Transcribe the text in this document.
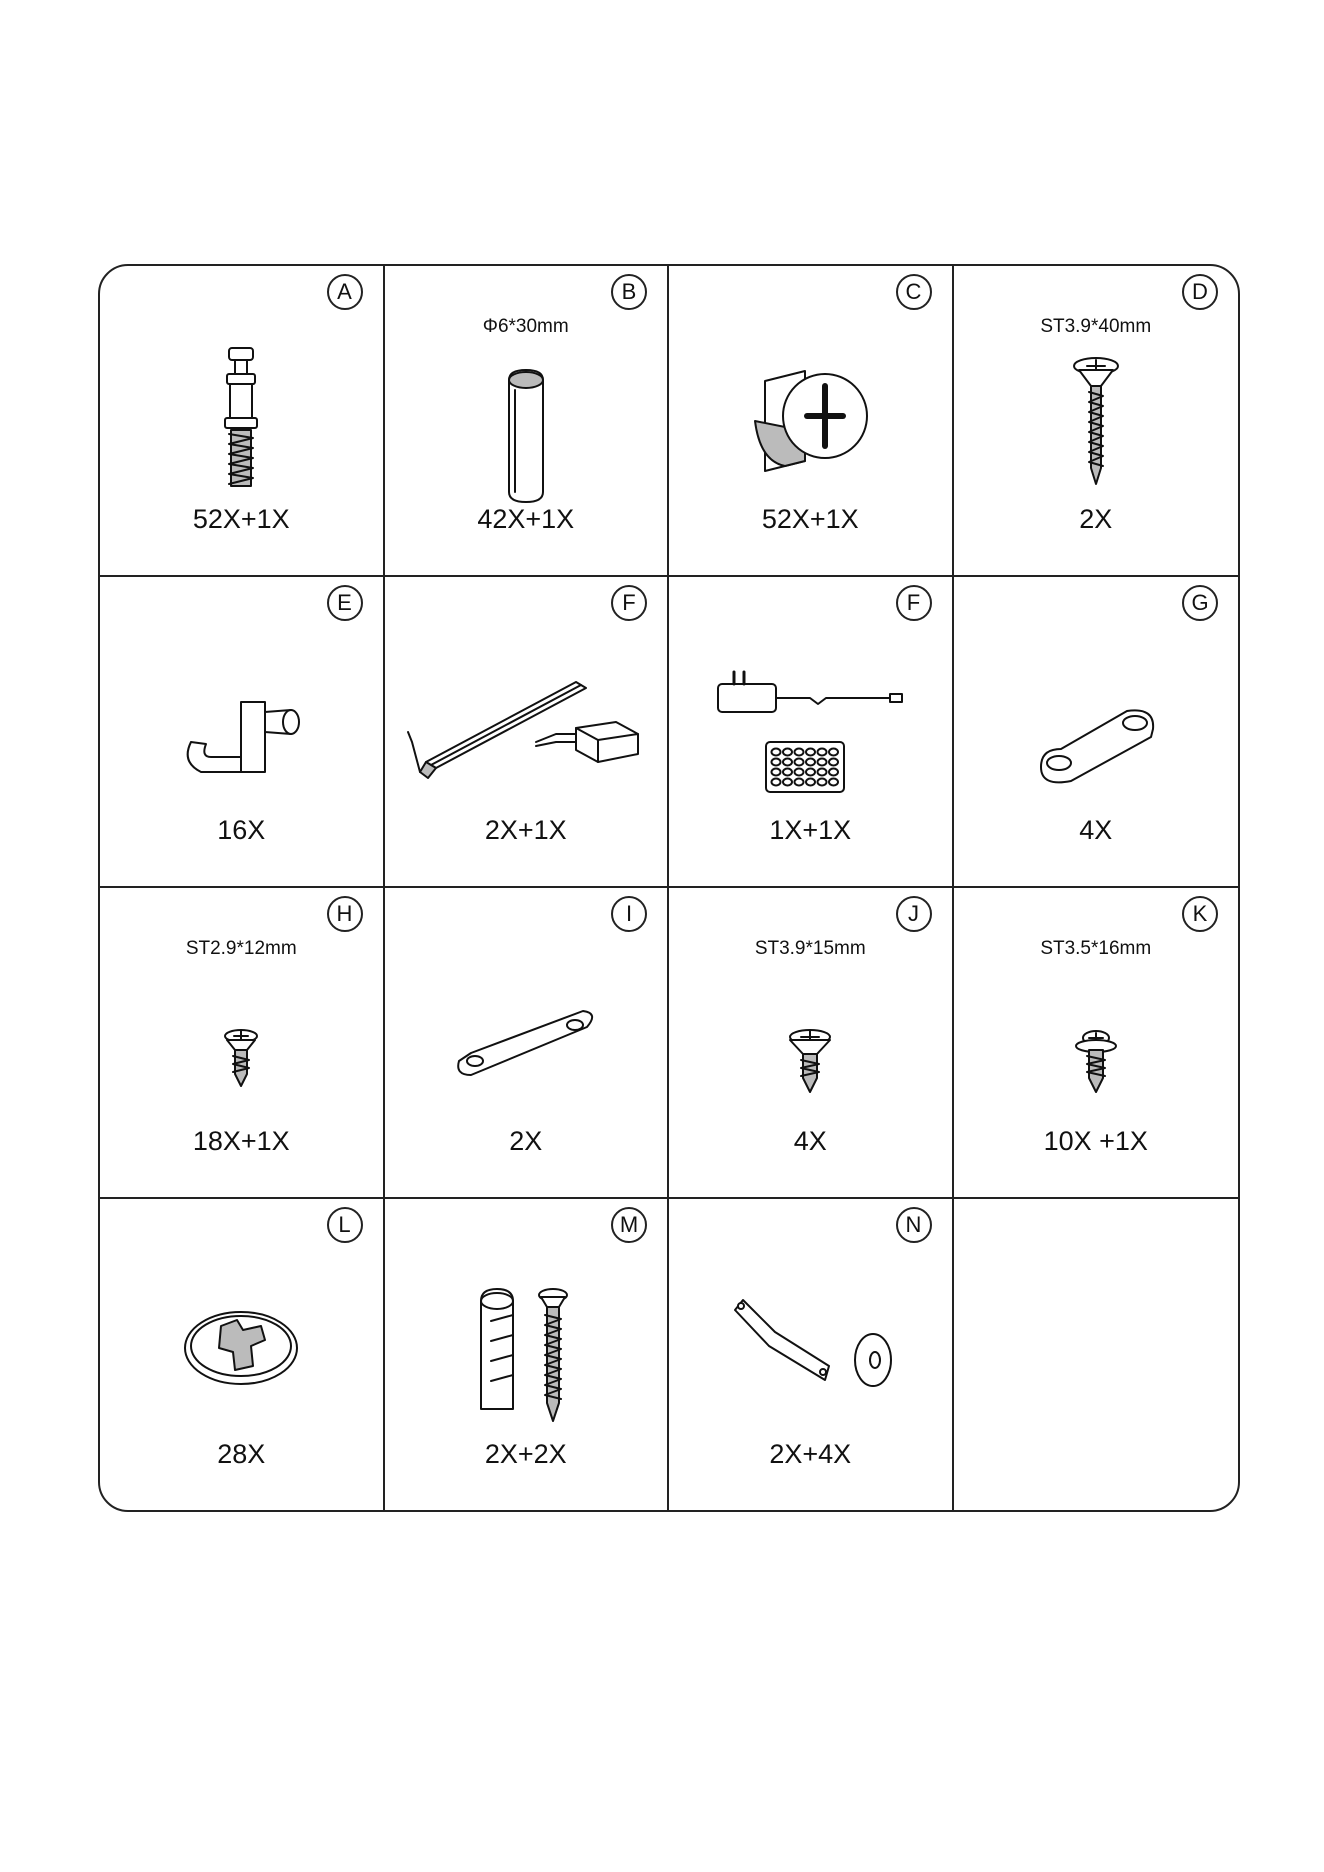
A
52X+1X
B
Φ6*30mm
42X+1X
C
52X+1X
D
ST3.9*40mm
2X
E
16X
F
2X+1X
F
1X+1X
G
4X
H
ST2.9*12mm
18X+1X
I
2X
J
ST3.9*15mm
4X
K
ST3.5*16mm
10X +1X
L
28X
M
2X+2X
N
2X+4X
